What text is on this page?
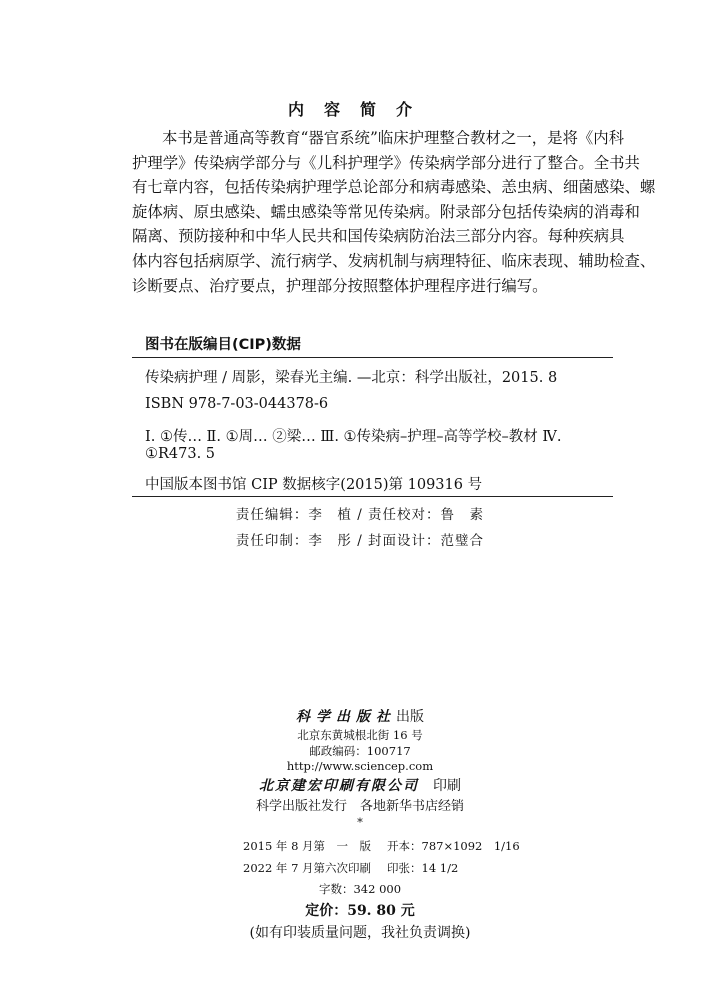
内容简介
本书是普通高等教育“器官系统”临床护理整合教材之一，是将《内科
护理学》传染病学部分与《儿科护理学》传染病学部分进行了整合。全书共
有七章内容，包括传染病护理学总论部分和病毒感染、恙虫病、细菌感染、螺
旋体病、原虫感染、蠕虫感染等常见传染病。附录部分包括传染病的消毒和
隔离、预防接种和中华人民共和国传染病防治法三部分内容。每种疾病具
体内容包括病原学、流行病学、发病机制与病理特征、临床表现、辅助检查、
诊断要点、治疗要点，护理部分按照整体护理程序进行编写。
图书在版编目(CIP)数据
传染病护理 / 周影，梁春光主编. —北京：科学出版社，2015. 8
ISBN 978-7-03-044378-6
Ⅰ. ①传… Ⅱ. ①周… ②梁… Ⅲ. ①传染病–护理–高等学校–教材 Ⅳ.
①R473. 5
中国版本图书馆 CIP 数据核字(2015)第 109316 号
责任编辑：李　植 / 责任校对：鲁　素
责任印制：李　彤 / 封面设计：范璧合
科学出版社出版
北京东黄城根北街 16 号
邮政编码：100717
http://www.sciencep.com
北京建宏印刷有限公司　 印刷
科学出版社发行　各地新华书店经销
*
2015 年 8 月第　一　版 开本：787×1092　1/16
2022 年 7 月第六次印刷 印张：14 1/2
字数：342 000
定价：59. 80 元
(如有印装质量问题，我社负责调换)
